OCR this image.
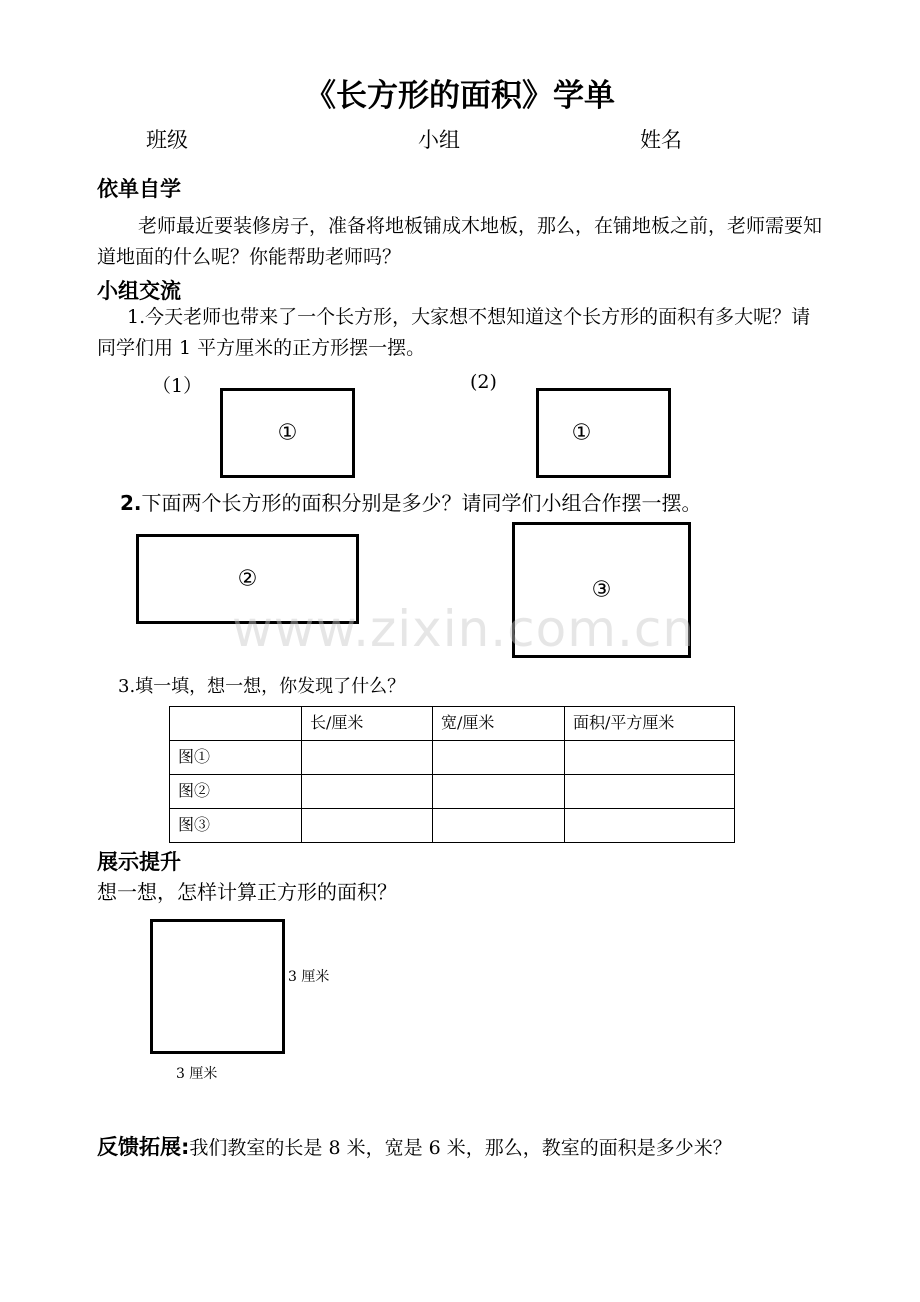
《长方形的面积》学单
班级	小组	姓名
依单自学
老师最近要装修房子，准备将地板铺成木地板，那么，在铺地板之前，老师需要知道地面的什么呢？你能帮助老师吗？
小组交流
1.今天老师也带来了一个长方形，大家想不想知道这个长方形的面积有多大呢？请同学们用 1 平方厘米的正方形摆一摆。
（1）
①
(2)
①
2.下面两个长方形的面积分别是多少？请同学们小组合作摆一摆。
②	③
www.zixin.com.cn
3.填一填，想一想，你发现了什么？
	长/厘米	宽/厘米	面积/平方厘米
图①			
图②			
图③			
展示提升
想一想，怎样计算正方形的面积？
3 厘米
3 厘米
反馈拓展:我们教室的长是 8 米，宽是 6 米，那么，教室的面积是多少米？
